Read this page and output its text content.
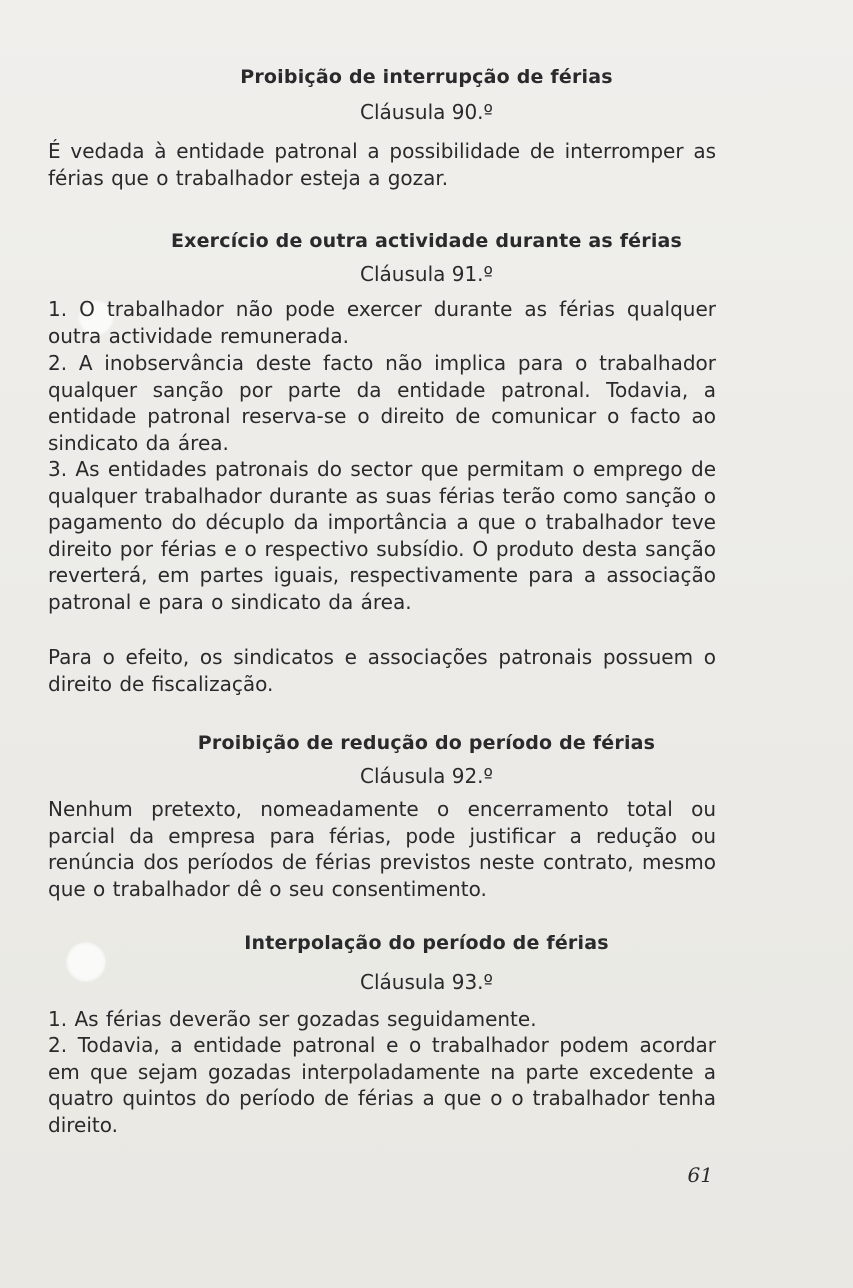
Proibição de interrupção de férias
Cláusula 90.º
É vedada à entidade patronal a possibilidade de interromper as férias que o trabalhador esteja a gozar.
Exercício de outra actividade durante as férias
Cláusula 91.º
1. O trabalhador não pode exercer durante as férias qualquer outra actividade remunerada.
2. A inobservância deste facto não implica para o trabalhador qualquer sanção por parte da entidade patronal. Todavia, a entidade patronal reserva-se o direito de comunicar o facto ao sindicato da área.
3. As entidades patronais do sector que permitam o emprego de qualquer trabalhador durante as suas férias terão como sanção o pagamento do décuplo da importância a que o trabalhador teve direito por férias e o respectivo subsídio. O produto desta sanção reverterá, em partes iguais, respectivamente para a associação patronal e para o sindicato da área.
Para o efeito, os sindicatos e associações patronais possuem o direito de fiscalização.
Proibição de redução do período de férias
Cláusula 92.º
Nenhum pretexto, nomeadamente o encerramento total ou parcial da empresa para férias, pode justificar a redução ou renúncia dos períodos de férias previstos neste contrato, mesmo que o trabalhador dê o seu consentimento.
Interpolação do período de férias
Cláusula 93.º
1. As férias deverão ser gozadas seguidamente.
2. Todavia, a entidade patronal e o trabalhador podem acordar em que sejam gozadas interpoladamente na parte excedente a quatro quintos do período de férias a que o o trabalhador tenha direito.
61
